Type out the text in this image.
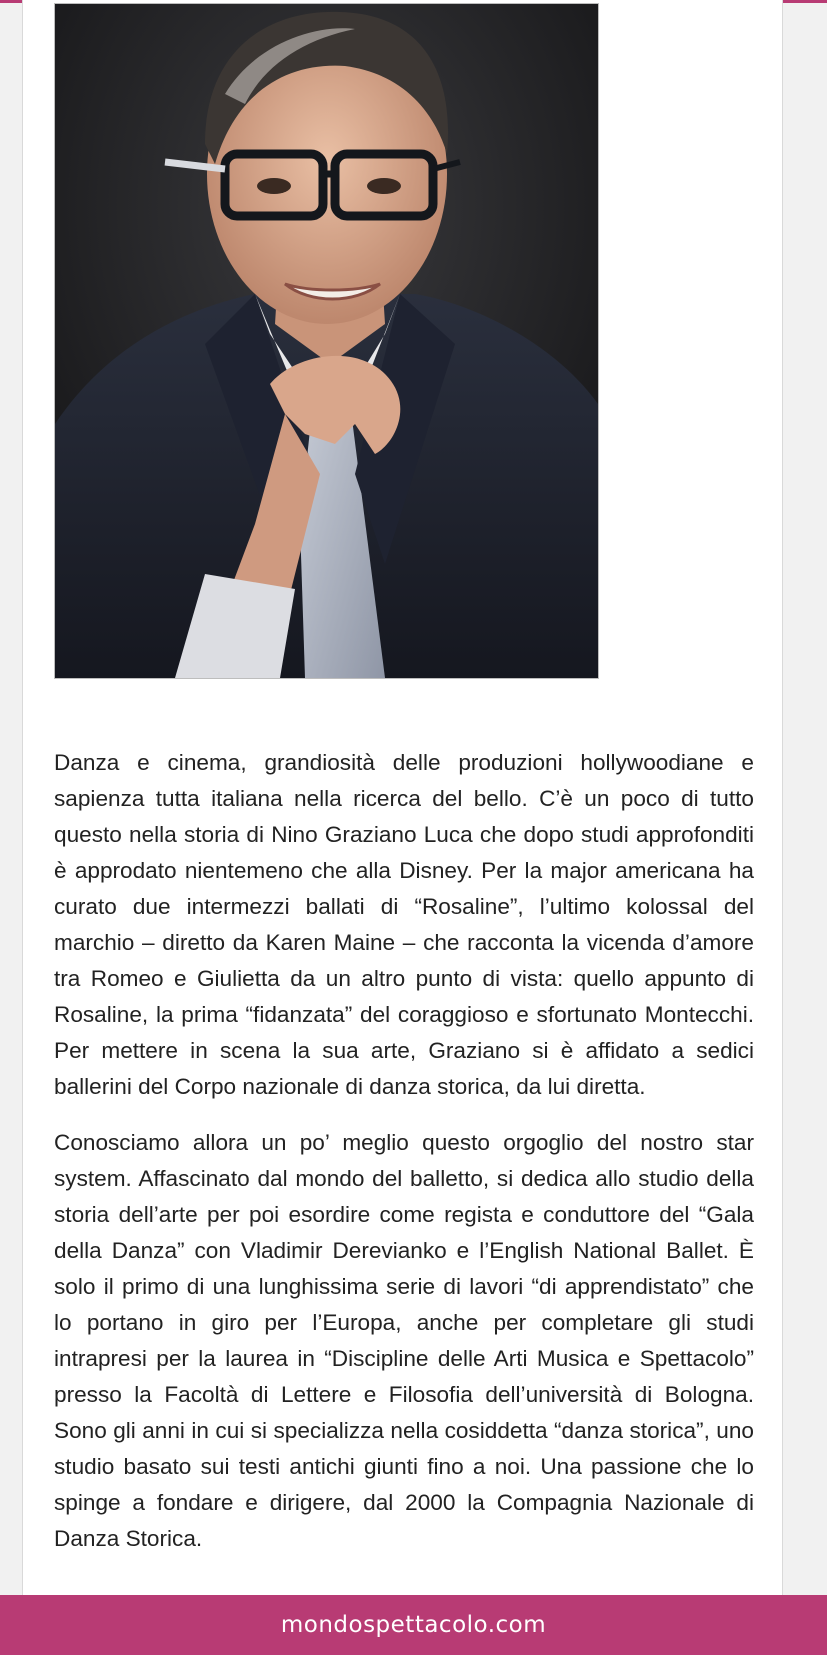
Danza e cinema, grandiosità delle produzioni hollywoodiane e sapienza tutta italiana nella ricerca del bello. C’è un poco di tutto questo nella storia di Nino Graziano Luca che dopo studi approfonditi è approdato nientemeno che alla Disney. Per la major americana ha curato due intermezzi ballati di “Rosaline”, l’ultimo kolossal del marchio – diretto da Karen Maine – che racconta la vicenda d’amore tra Romeo e Giulietta da un altro punto di vista: quello appunto di Rosaline, la prima “fidanzata” del coraggioso e sfortunato Montecchi. Per mettere in scena la sua arte, Graziano si è affidato a sedici ballerini del Corpo nazionale di danza storica, da lui diretta.

Conosciamo allora un po’ meglio questo orgoglio del nostro star system. Affascinato dal mondo del balletto, si dedica allo studio della storia dell’arte per poi esordire come regista e conduttore del “Gala della Danza” con Vladimir Derevianko e l’English National Ballet. È solo il primo di una lunghissima serie di lavori “di apprendistato” che lo portano in giro per l’Europa, anche per completare gli studi intrapresi per la laurea in “Discipline delle Arti Musica e Spettacolo” presso la Facoltà di Lettere e Filosofia dell’università di Bologna. Sono gli anni in cui si specializza nella cosiddetta “danza storica”, uno studio basato sui testi antichi giunti fino a noi. Una passione che lo spinge a fondare e dirigere, dal 2000 la Compagnia Nazionale di Danza Storica.

mondospettacolo.com
